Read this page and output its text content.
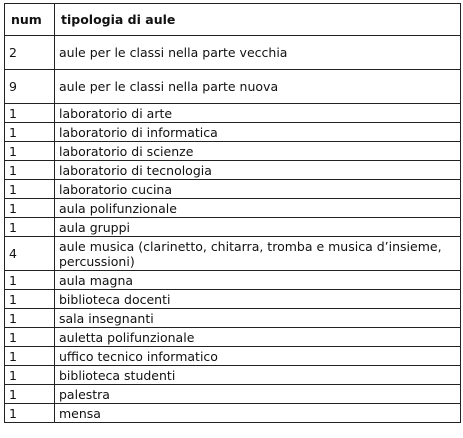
num	tipologia di aule
2	aule per le classi nella parte vecchia
9	aule per le classi nella parte nuova
1	laboratorio di arte
1	laboratorio di informatica
1	laboratorio di scienze
1	laboratorio di tecnologia
1	laboratorio cucina
1	aula polifunzionale
1	aula gruppi
4	aule musica (clarinetto, chitarra, tromba e musica d’insieme, percussioni)
1	aula magna
1	biblioteca docenti
1	sala insegnanti
1	auletta polifunzionale
1	uffico tecnico informatico
1	biblioteca studenti
1	palestra
1	mensa
